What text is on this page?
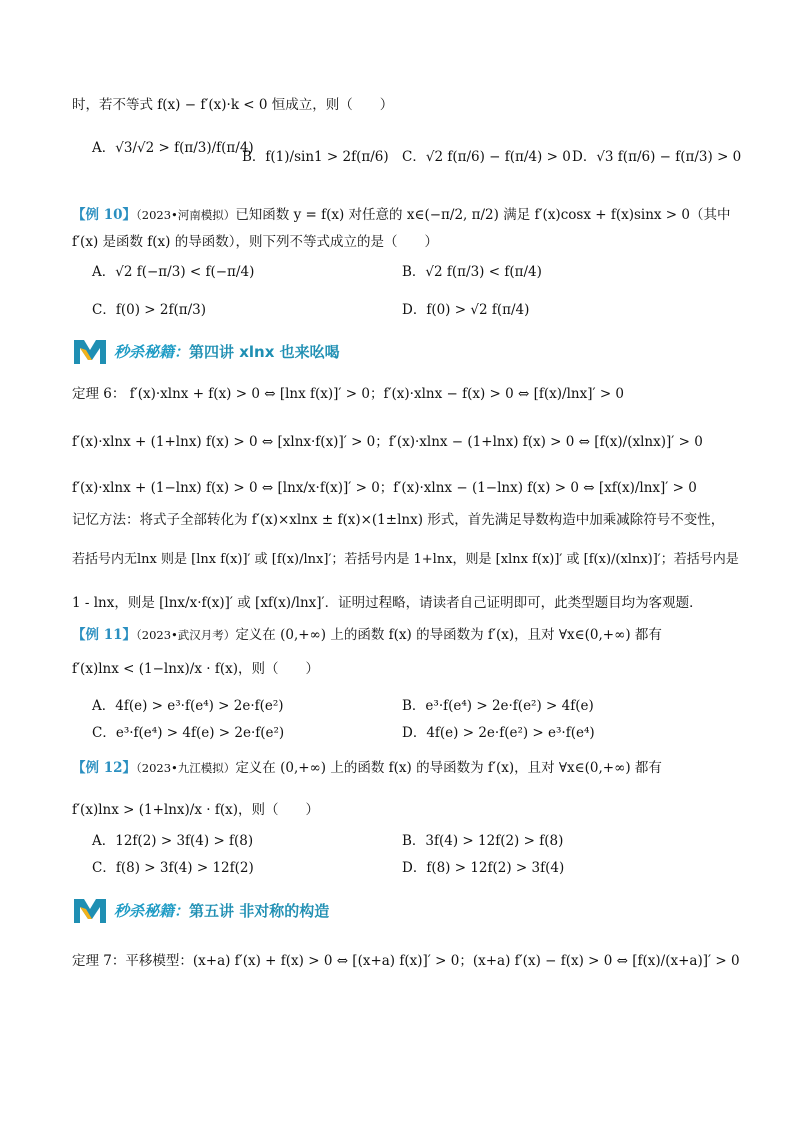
时，若不等式 f(x) − f′(x)·k < 0 恒成立，则（　　）
A．√3/√2 > f(π/3)/f(π/4)
B．f(1)/sin1 > 2f(π/6) C．√2 f(π/6) − f(π/4) > 0 D．√3 f(π/6) − f(π/3) > 0
【例 10】（2023•河南模拟）已知函数 y = f(x) 对任意的 x∈(−π/2, π/2) 满足 f′(x)cosx + f(x)sinx > 0（其中
f′(x) 是函数 f(x) 的导函数），则下列不等式成立的是（　　）
A．√2 f(−π/3) < f(−π/4)	B．√2 f(π/3) < f(π/4)
C．f(0) > 2f(π/3)	D．f(0) > √2 f(π/4)
秒杀秘籍：第四讲 xlnx 也来吆喝
定理 6： f′(x)·xlnx + f(x) > 0 ⇔ [lnx f(x)]′ > 0；f′(x)·xlnx − f(x) > 0 ⇔ [f(x)/lnx]′ > 0
f′(x)·xlnx + (1+lnx) f(x) > 0 ⇔ [xlnx·f(x)]′ > 0；f′(x)·xlnx − (1+lnx) f(x) > 0 ⇔ [f(x)/(xlnx)]′ > 0
f′(x)·xlnx + (1−lnx) f(x) > 0 ⇔ [lnx/x·f(x)]′ > 0；f′(x)·xlnx − (1−lnx) f(x) > 0 ⇔ [xf(x)/lnx]′ > 0
记忆方法：将式子全部转化为 f′(x)×xlnx ± f(x)×(1±lnx) 形式，首先满足导数构造中加乘减除符号不变性，
若括号内无lnx 则是 [lnx f(x)]′ 或 [f(x)/lnx]′；若括号内是 1+lnx，则是 [xlnx f(x)]′ 或 [f(x)/(xlnx)]′；若括号内是
1 - lnx，则是 [lnx/x·f(x)]′ 或 [xf(x)/lnx]′．证明过程略，请读者自己证明即可，此类型题目均为客观题．
【例 11】（2023•武汉月考）定义在 (0,+∞) 上的函数 f(x) 的导函数为 f′(x)，且对 ∀x∈(0,+∞) 都有
f′(x)lnx < (1−lnx)/x · f(x)，则（　　）
A．4f(e) > e³·f(e⁴) > 2e·f(e²)	B．e³·f(e⁴) > 2e·f(e²) > 4f(e)
C．e³·f(e⁴) > 4f(e) > 2e·f(e²)	D．4f(e) > 2e·f(e²) > e³·f(e⁴)
【例 12】（2023•九江模拟）定义在 (0,+∞) 上的函数 f(x) 的导函数为 f′(x)，且对 ∀x∈(0,+∞) 都有
f′(x)lnx > (1+lnx)/x · f(x)，则（　　）
A．12f(2) > 3f(4) > f(8)	B．3f(4) > 12f(2) > f(8)
C．f(8) > 3f(4) > 12f(2)	D．f(8) > 12f(2) > 3f(4)
秒杀秘籍：第五讲 非对称的构造
定理 7：平移模型：(x+a) f′(x) + f(x) > 0 ⇔ [(x+a) f(x)]′ > 0；(x+a) f′(x) − f(x) > 0 ⇔ [f(x)/(x+a)]′ > 0
